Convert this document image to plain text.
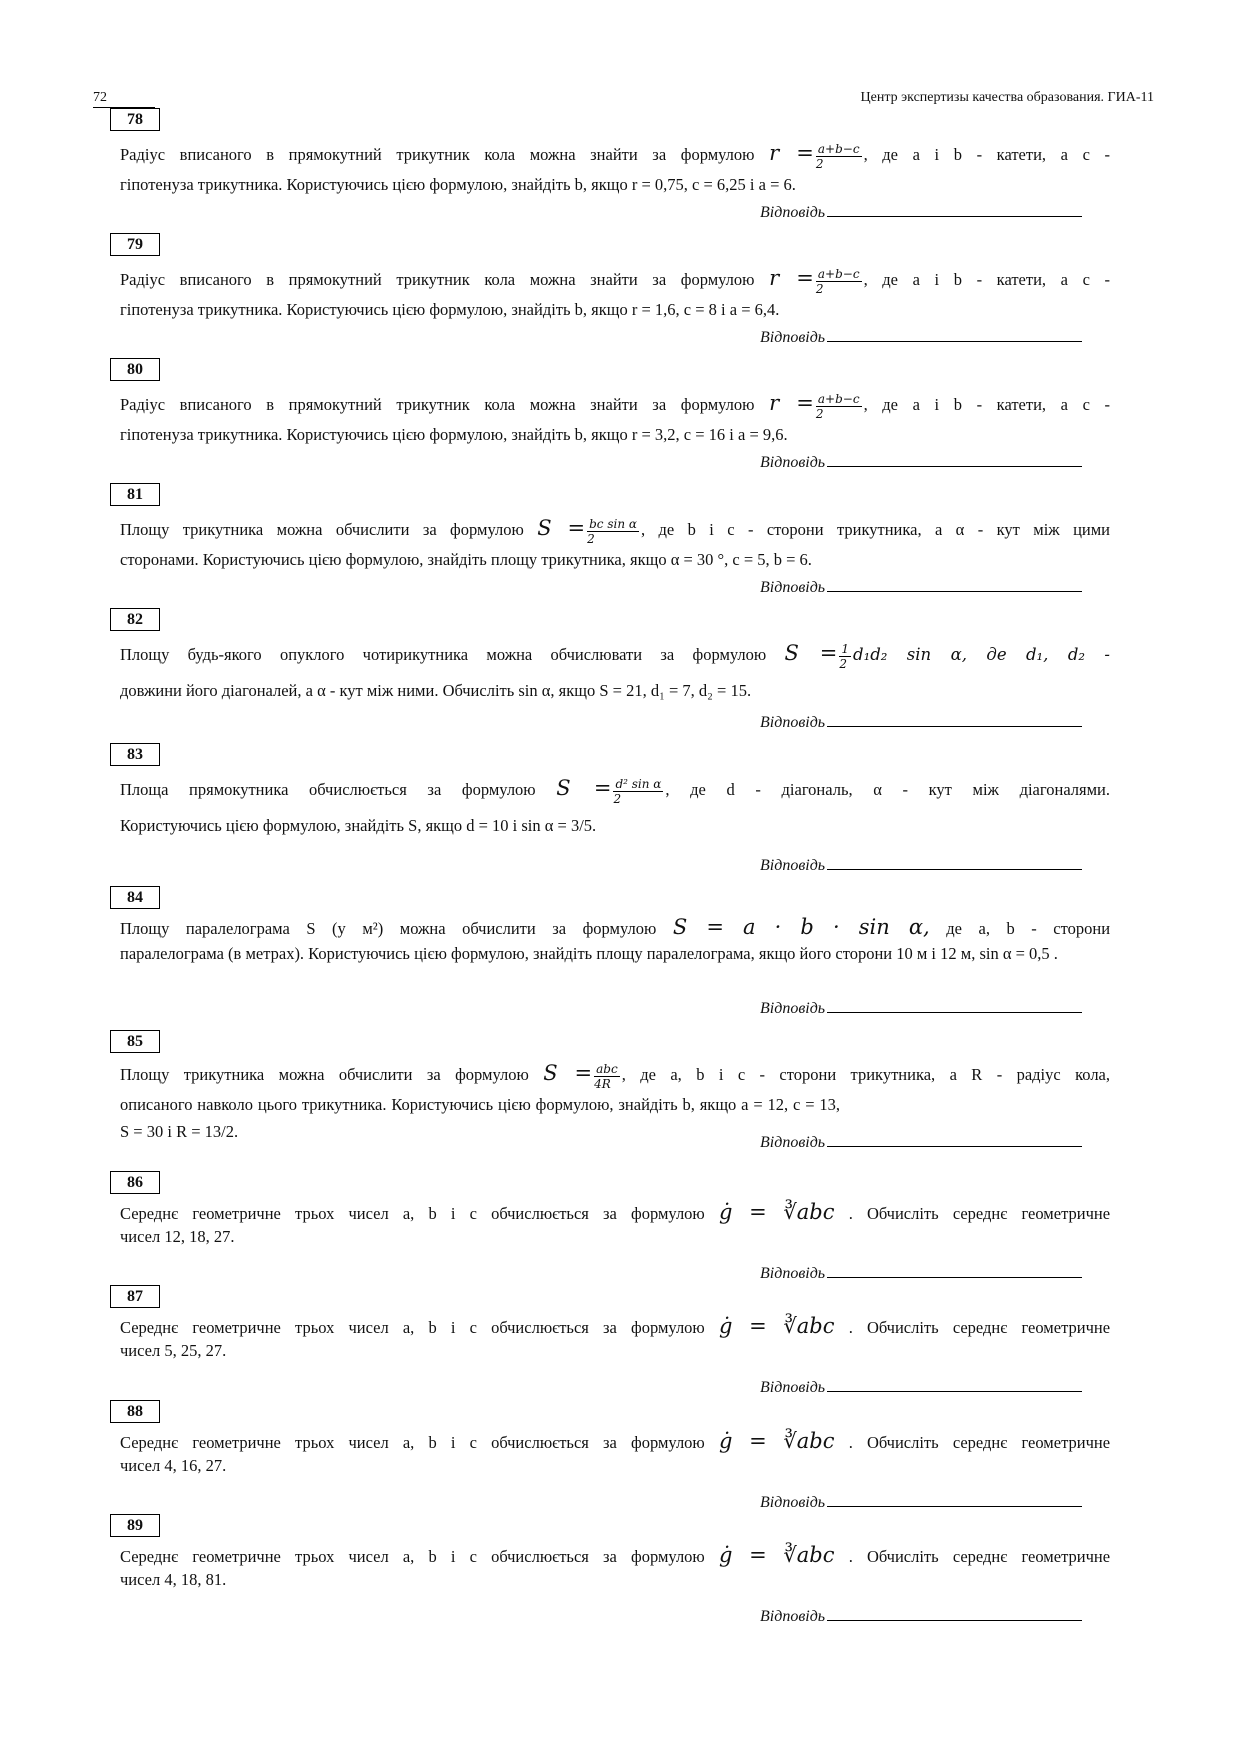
72	Центр экспертизы качества образования. ГИА-11
78
Радіус вписаного в прямокутний трикутник кола можна знайти за формулою $r = \frac{a+b-c}{2}$ , де a і b - катети, а c -
гіпотенуза трикутника. Користуючись цією формулою, знайдіть b, якщо r = 0,75, c = 6,25 і a = 6.
Відповідь
79
Радіус вписаного в прямокутний трикутник кола можна знайти за формулою $r = \frac{a+b-c}{2}$ , де a і b - катети, а c -
гіпотенуза трикутника. Користуючись цією формулою, знайдіть b, якщо r = 1,6, c = 8 і a = 6,4.
Відповідь
80
Радіус вписаного в прямокутний трикутник кола можна знайти за формулою $r = \frac{a+b-c}{2}$ , де a і b - катети, а c -
гіпотенуза трикутника. Користуючись цією формулою, знайдіть b, якщо r = 3,2, c = 16 і a = 9,6.
Відповідь
81
Площу трикутника можна обчислити за формулою $S = \frac{\text{bc sin α}}{2}$ , де b і c - сторони трикутника, а α - кут між цими
сторонами. Користуючись цією формулою, знайдіть площу трикутника, якщо α = 30 °, c = 5, b = 6.
Відповідь
82
Площу будь-якого опуклого чотирикутника можна обчислювати за формулою $S = \frac{1}{2} d_1d_2$ sin α, де d₁, d₂ -
довжини його діагоналей, а α - кут між ними. Обчисліть sin α, якщо S = 21, d₁ = 7, d₂ = 15.
Відповідь
83
Площа прямокутника обчислюється за формулою $S = \frac{\text{d² sin α}}{2}$ , де d - діагональ, α - кут між діагоналями.
Користуючись цією формулою, знайдіть S, якщо d = 10 і sin α = 3/5.
Відповідь
84
Площу паралелограма S (у м²) можна обчислити за формулою S = a · b · sin α, де a, b - сторони
паралелограма (в метрах). Користуючись цією формулою, знайдіть площу паралелограма, якщо його сторони 10 м і 12 м, sin α = 0,5 .
Відповідь
85
Площу трикутника можна обчислити за формулою $S = \frac{\text{abc}}{4R}$ , де a, b і c - сторони трикутника, а R - радіус кола,
описаного навколо цього трикутника. Користуючись цією формулою, знайдіть b, якщо a = 12, c = 13, S = 30 і R = 13/2.
Відповідь
86
Середнє геометричне трьох чисел a, b і c обчислюється за формулою ġ = ∛abc . Обчисліть середнє геометричне
чисел 12, 18, 27.
Відповідь
87
Середнє геометричне трьох чисел a, b і c обчислюється за формулою ġ = ∛abc . Обчисліть середнє геометричне
чисел 5, 25, 27.
Відповідь
88
Середнє геометричне трьох чисел a, b і c обчислюється за формулою ġ = ∛abc . Обчисліть середнє геометричне
чисел 4, 16, 27.
Відповідь
89
Середнє геометричне трьох чисел a, b і c обчислюється за формулою ġ = ∛abc . Обчисліть середнє геометричне
чисел 4, 18, 81.
Відповідь
